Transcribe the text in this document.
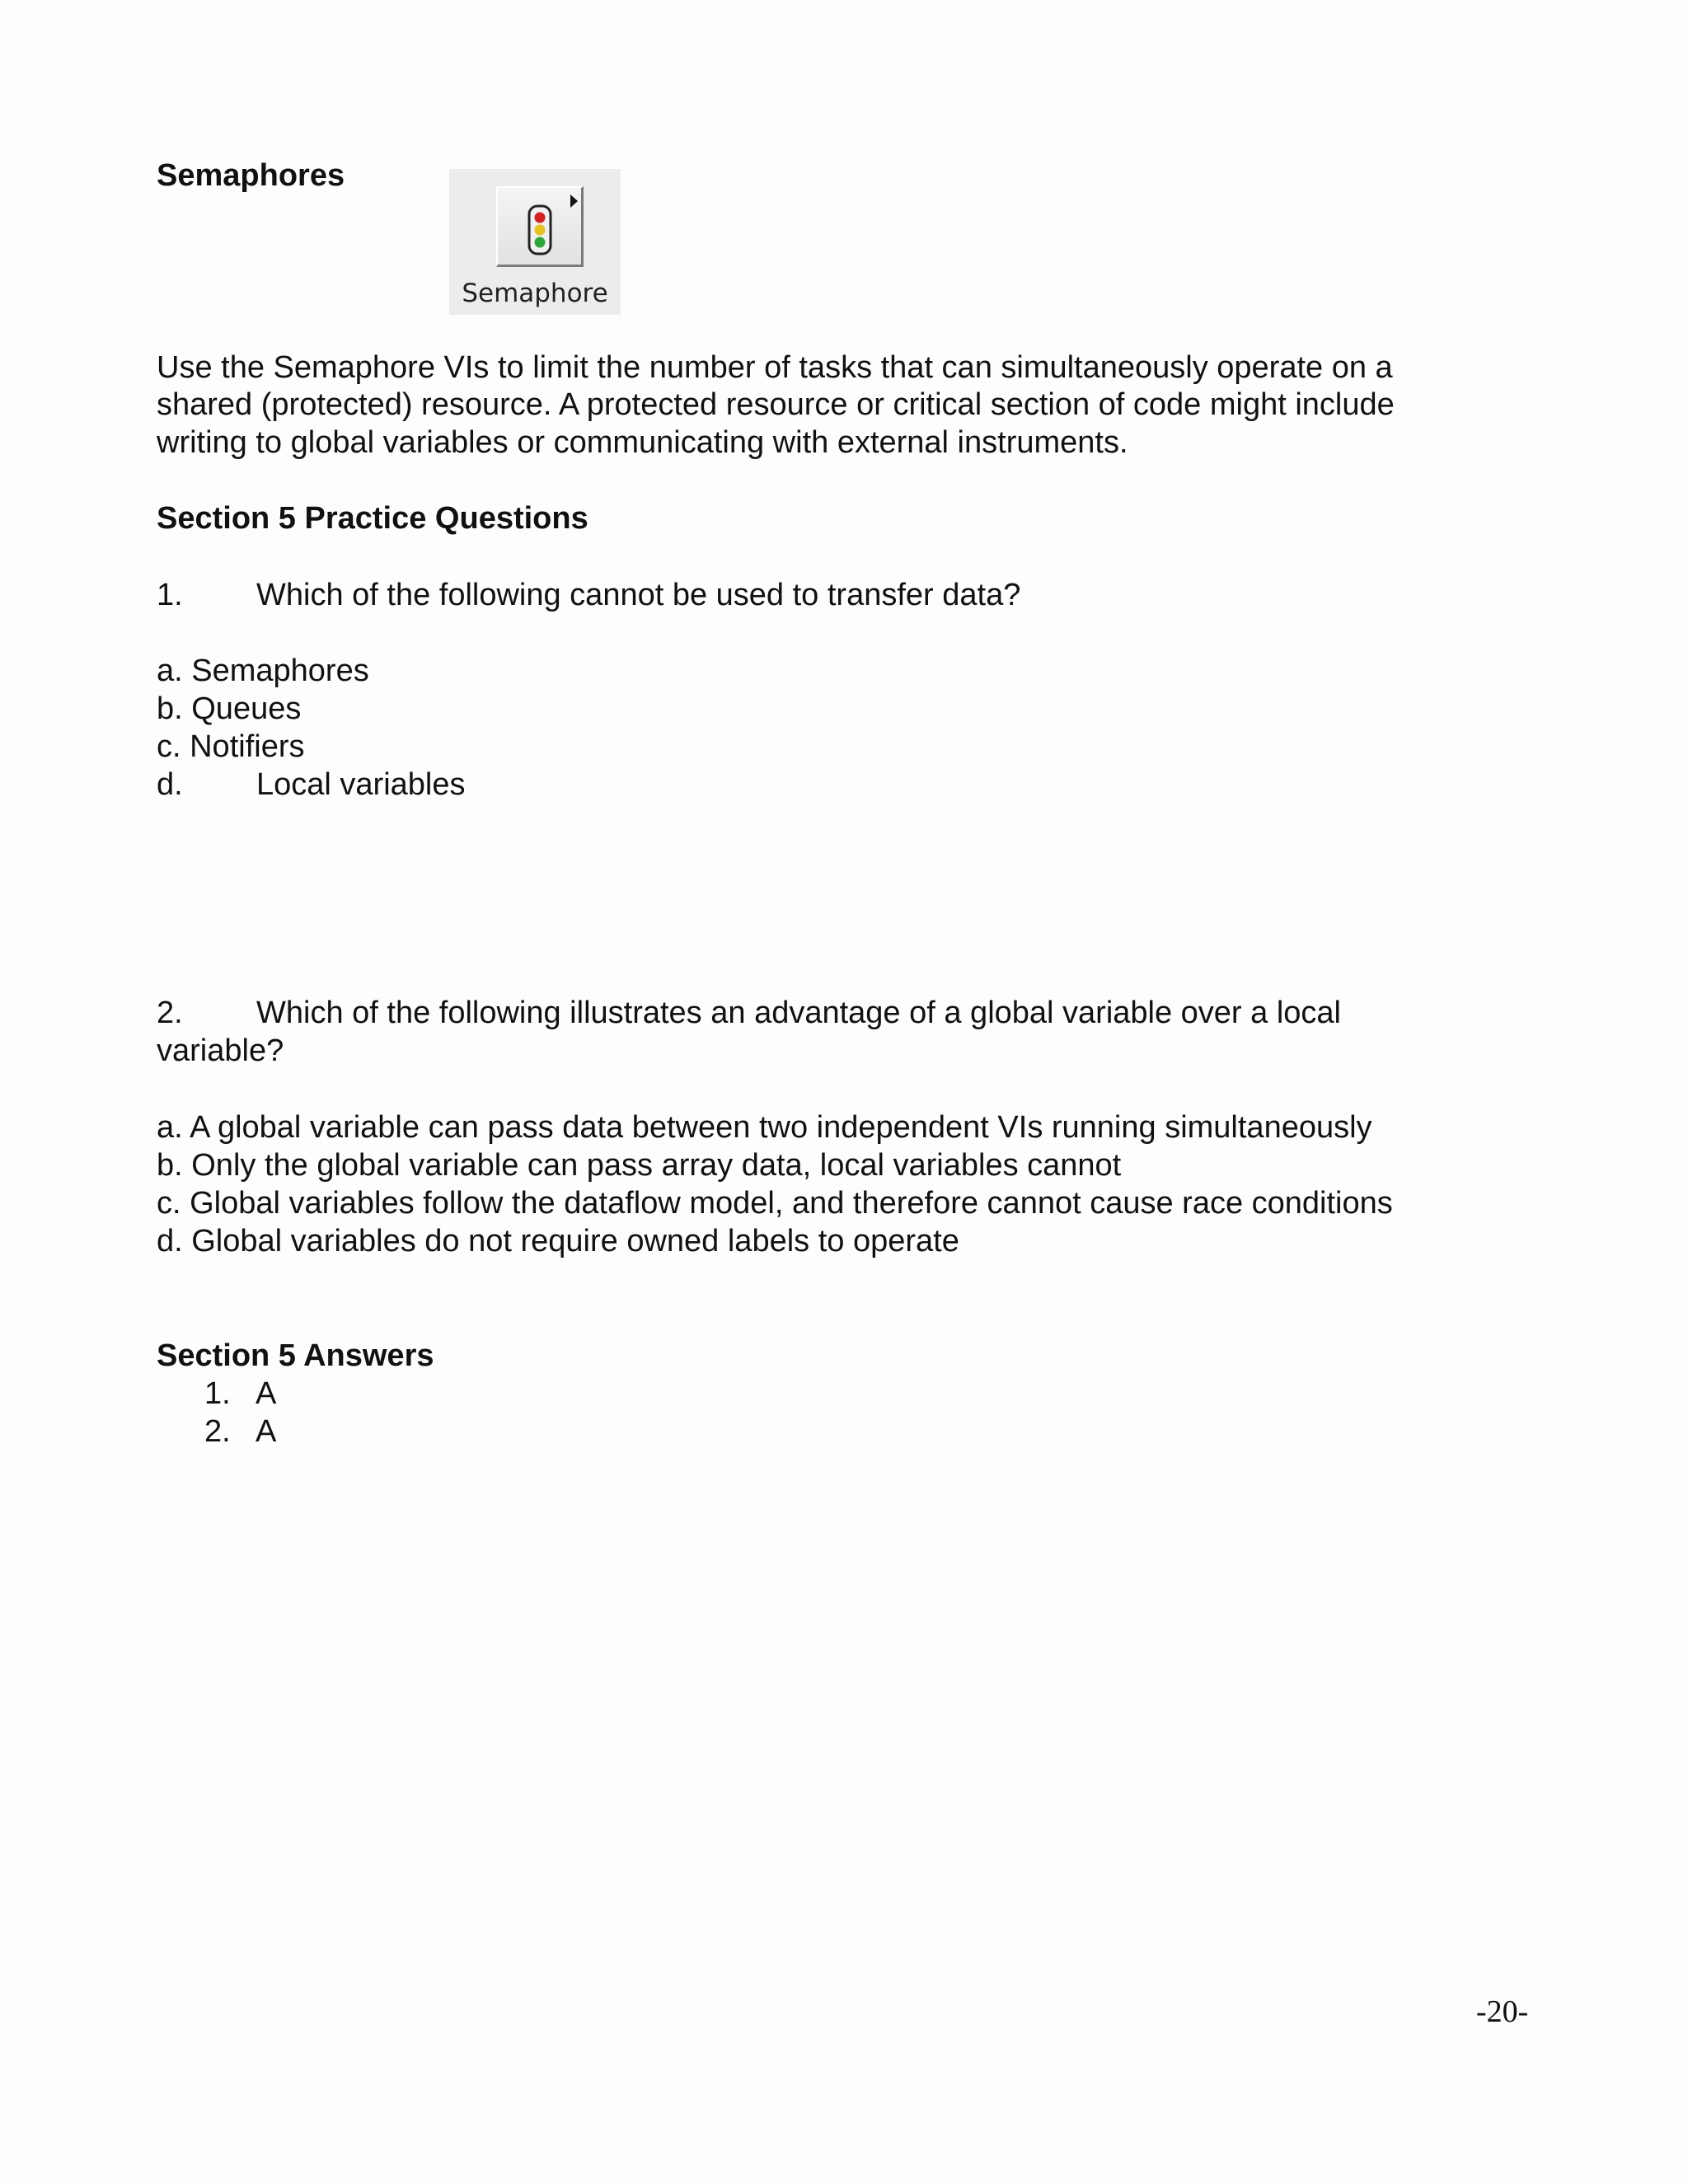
Semaphores
Semaphore
Use the Semaphore VIs to limit the number of tasks that can simultaneously operate on a
shared (protected) resource. A protected resource or critical section of code might include
writing to global variables or communicating with external instruments.
Section 5 Practice Questions
1. Which of the following cannot be used to transfer data?
a. Semaphores
b. Queues
c. Notifiers
d. Local variables
2. Which of the following illustrates an advantage of a global variable over a local
variable?
a. A global variable can pass data between two independent VIs running simultaneously
b. Only the global variable can pass array data, local variables cannot
c. Global variables follow the dataflow model, and therefore cannot cause race conditions
d. Global variables do not require owned labels to operate
Section 5 Answers
1. A
2. A
-20-
